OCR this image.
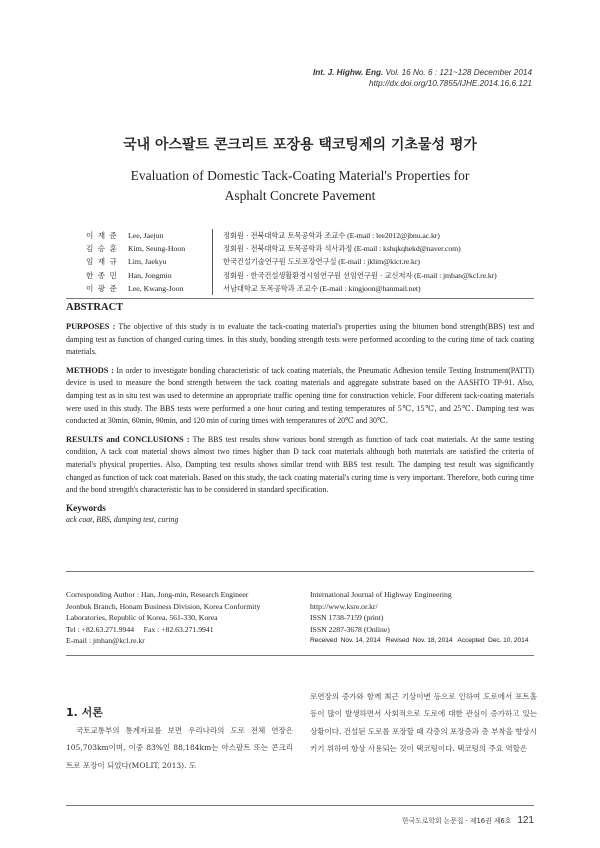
Int. J. Highw. Eng. Vol. 16 No. 6 : 121~128 December 2014
http://dx.doi.org/10.7855/IJHE.2014.16.6.121
국내 아스팔트 콘크리트 포장용 택코팅제의 기초물성 평가
Evaluation of Domestic Tack-Coating Material's Properties for
Asphalt Concrete Pavement
이 재 준	Lee, Jaejun	정회원 · 전북대학교 토목공학과 조교수 (E-mail : lee2012@jbnu.ac.kr)
김 승 훈	Kim, Seung-Hoon	정회원 · 전북대학교 토목공학과 석사과정 (E-mail : kshqkqhekd@naver.com)
임 재 규	Lim, Jaekyu	한국건설기술연구원 도로포장연구실 (E-mail : jklim@kict.re.kr)
한 종 민	Han, Jongmin	정회원 · 한국건설생활환경시험연구원 선임연구원 · 교신저자 (E-mail : jmhan@kcl.re.kr)
이 광 준	Lee, Kwang-Joon	서남대학교 토목공학과 조교수 (E-mail : kingjoon@hanmail.net)
ABSTRACT

PURPOSES : The objective of this study is to evaluate the tack-coating material's properties using the bitumen bond strength(BBS) test and damping test as function of changed curing times. In this study, bonding strength tests were performed according to the curing time of tack coating materials.

METHODS : In order to investigate bonding characteristic of tack coating materials, the Pneumatic Adhesion tensile Testing Instrument(PATTI) device is used to measure the bond strength between the tack coating materials and aggregate substrate based on the AASHTO TP-91. Also, damping test as in situ test was used to determine an appropriate traffic opening time for construction vehicle. Four different tack-coating materials were used in this study. The BBS tests were performed a one hour curing and testing temperatures of 5℃, 15℃, and 25℃. Damping test was conducted at 30min, 60min, 90min, and 120 min of curing times with temperatures of 20℃ and 30℃.

RESULTS and CONCLUSIONS : The BBS test results show various bond strength as function of tack coat materials. At the same testing condition, A tack coat material shows almost two times higher than D tack coat materials although both materials are satisfied the criteria of material's physical properties. Also, Dampting test results shows similar trend with BBS test result. The damping test result was significantly changed as function of tack coat materials. Based on this study, the tack coating material's curing time is very important. Therefore, both curing time and the bond strength's characteristic has to be considered in standard specification.

Keywords

ack coat, BBS, damping test, curing

Corresponding Author : Han, Jong-min, Research Engineer
Jeonbuk Branch, Honam Business Division, Korea Conformity
Laboratories, Republic of Korea, 561-330, Korea
Tel : +82.63.271.9944     Fax : +82.63.271.9941
E-mail : jmhan@kcl.re.kr
International Journal of Highway Engineering
http://www.ksre.or.kr/
ISSN 1738-7159 (print)
ISSN 2287-3678 (Online)
Received  Nov. 14, 2014   Revised  Nov. 18, 2014   Accepted  Dec. 10, 2014
1. 서론

국토교통부의 통계자료를 보면 우리나라의 도로 전체 연장은 105,703km이며, 이중 83%인 88,184km는 아스팔트 또는 콘크리트로 포장이 되었다(MOLIT, 2013). 도

로연장의 증가와 함께 최근 기상이변 등으로 인하여 도로에서 포트홀 등이 많이 발생하면서 사회적으로 도로에 대한 관심이 증가하고 있는 상황이다. 건설된 도로를 포장할 때 각층의 포장층과 층 부착을 향상시키기 위하여 항상 사용되는 것이 택코팅이다. 택코팅의 주요 역할은

한국도로학회 논문집 · 제16권 제6호 121
